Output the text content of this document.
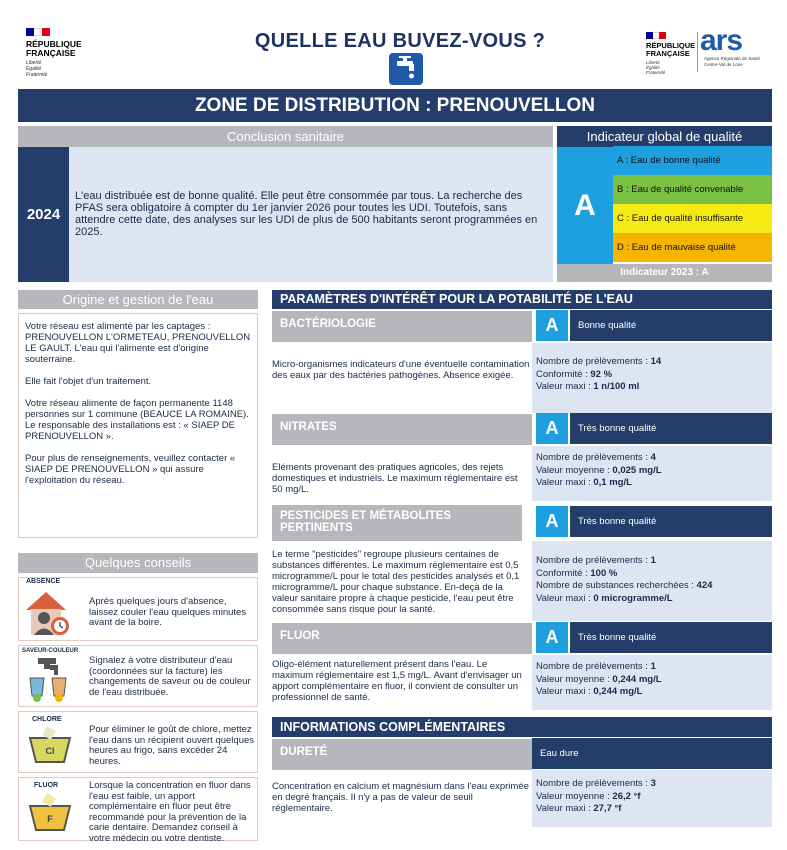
RÉPUBLIQUE
FRANÇAISE
Liberté
Égalité
Fraternité
QUELLE EAU BUVEZ-VOUS ?	RÉPUBLIQUE
FRANÇAISE
Liberté
Égalité
Fraternité
ars
Agence Régionale de Santé
Centre-Val de Loire
ZONE DE DISTRIBUTION : PRENOUVELLON
Conclusion sanitaire
2024
L'eau distribuée est de bonne qualité. Elle peut être consommée par tous. La recherche des PFAS sera obligatoire à compter du 1er janvier 2026 pour toutes les UDI. Toutefois, sans attendre cette date, des analyses sur les UDI de plus de 500 habitants seront programmées en 2025.
Indicateur global de qualité
A
A : Eau de bonne qualité
B : Eau de qualité convenable
C : Eau de qualité insuffisante
D : Eau de mauvaise qualité
Indicateur 2023 : A
Origine et gestion de l'eau

Votre réseau est alimenté par les captages : PRENOUVELLON L'ORMETEAU, PRENOUVELLON LE GAULT. L'eau qui l'alimente est d'origine souterraine.

Elle fait l'objet d'un traitement.

Votre réseau alimente de façon permanente 1148 personnes sur 1 commune (BEAUCE LA ROMAINE). Le responsable des installations est : « SIAEP DE PRENOUVELLON ».

Pour plus de renseignements, veuillez contacter « SIAEP DE PRENOUVELLON » qui assure l'exploitation du réseau.

Quelques conseils
ABSENCE
Après quelques jours d'absence, laissez couler l'eau quelques minutes avant de la boire.
SAVEUR-COULEUR
Signalez à votre distributeur d'eau (coordonnées sur la facture) les changements de saveur ou de couleur de l'eau distribuée.
CHLORE
Cl
Pour éliminer le goût de chlore, mettez l'eau dans un récipient ouvert quelques heures au frigo, sans excéder 24 heures.
FLUOR
F
Lorsque la concentration en fluor dans l'eau est faible, un apport complémentaire en fluor peut être recommandé pour la prévention de la carie dentaire. Demandez conseil à votre médecin ou votre dentiste.
PARAMÈTRES D'INTÉRÊT POUR LA POTABILITÉ DE L'EAU
BACTÉRIOLOGIE	A	Bonne qualité
Micro-organismes indicateurs d'une éventuelle contamination des eaux par des bactéries pathogènes. Absence exigée.
Nombre de prélèvements : 14
Conformité : 92 %
Valeur maxi : 1 n/100 ml
NITRATES	A	Très bonne qualité
Eléments provenant des pratiques agricoles, des rejets domestiques et industriels. Le maximum réglementaire est 50 mg/L.
Nombre de prélèvements : 4
Valeur moyenne : 0,025 mg/L
Valeur maxi : 0,1 mg/L
PESTICIDES ET MÉTABOLITES PERTINENTS	A	Très bonne qualité
Le terme "pesticides" regroupe plusieurs centaines de substances différentes. Le maximum réglementaire est 0,5 microgramme/L pour le total des pesticides analysés et 0,1 microgramme/L pour chaque substance. En-deçà de la valeur sanitaire propre à chaque pesticide, l'eau peut être consommée sans risque pour la santé.
Nombre de prélèvements : 1
Conformité : 100 %
Nombre de substances recherchées : 424
Valeur maxi : 0 microgramme/L
FLUOR	A	Très bonne qualité
Oligo-élément naturellement présent dans l'eau. Le maximum réglementaire est 1,5 mg/L. Avant d'envisager un apport complémentaire en fluor, il convient de consulter un professionnel de santé.
Nombre de prélèvements : 1
Valeur moyenne : 0,244 mg/L
Valeur maxi : 0,244 mg/L
INFORMATIONS COMPLÉMENTAIRES
DURETÉ	Eau dure
Concentration en calcium et magnésium dans l'eau exprimée en degré français. Il n'y a pas de valeur de seuil réglementaire.
Nombre de prélèvements : 3
Valeur moyenne : 26,2 °f
Valeur maxi : 27,7 °f
